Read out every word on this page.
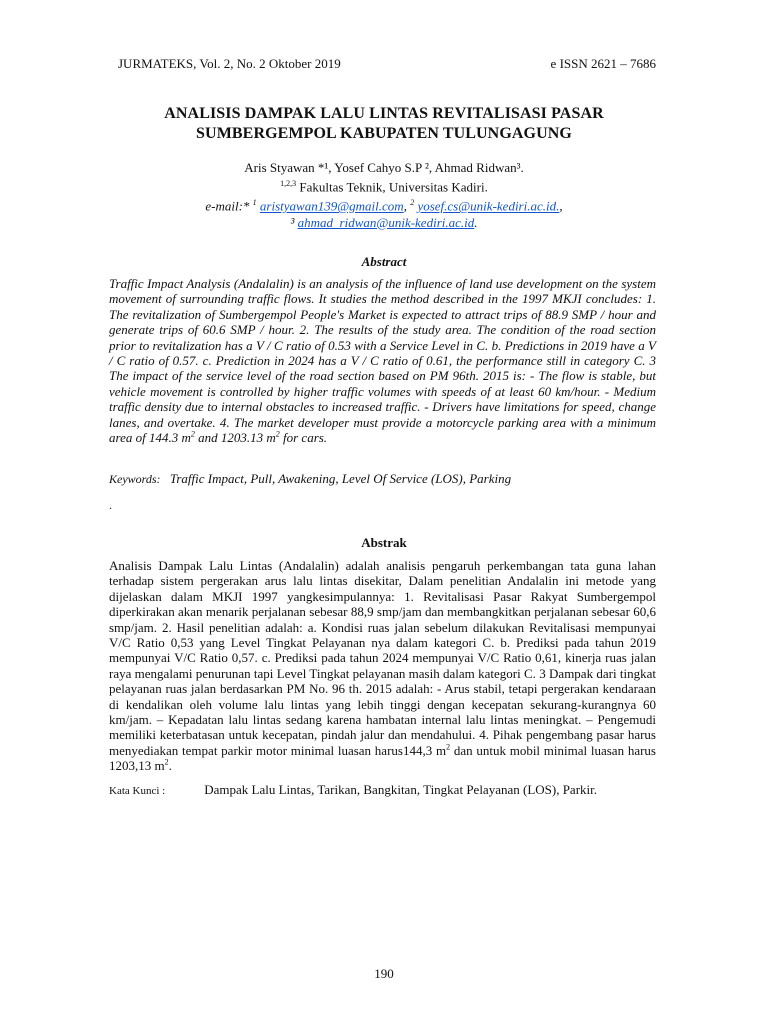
JURMATEKS, Vol. 2, No. 2 Oktober 2019	e ISSN 2621 – 7686
ANALISIS DAMPAK LALU LINTAS REVITALISASI PASAR
SUMBERGEMPOL KABUPATEN TULUNGAGUNG
Aris Styawan *¹, Yosef Cahyo S.P ², Ahmad Ridwan³.
$^{1,2,3}$ Fakultas Teknik, Universitas Kadiri.
e-mail:* $^1$ aristyawan139@gmail.com, $^2$ yosef.cs@unik-kediri.ac.id.,
³ ahmad_ridwan@unik-kediri.ac.id.
Abstract
Traffic Impact Analysis (Andalalin) is an analysis of the influence of land use development on the system movement of surrounding traffic flows. It studies the method described in the 1997 MKJI concludes: 1. The revitalization of Sumbergempol People's Market is expected to attract trips of 88.9 SMP / hour and generate trips of 60.6 SMP / hour. 2. The results of the study area. The condition of the road section prior to revitalization has a V / C ratio of 0.53 with a Service Level in C. b. Predictions in 2019 have a V / C ratio of 0.57. c. Prediction in 2024 has a V / C ratio of 0.61, the performance still in category C. 3 The impact of the service level of the road section based on PM 96th. 2015 is: - The flow is stable, but vehicle movement is controlled by higher traffic volumes with speeds of at least 60 km/hour. - Medium traffic density due to internal obstacles to increased traffic. - Drivers have limitations for speed, change lanes, and overtake. 4. The market developer must provide a motorcycle parking area with a minimum area of 144.3 $m^2$ and 1203.13 $m^2$ for cars.
Keywords: Traffic Impact, Pull, Awakening, Level Of Service (LOS), Parking
.
Abstrak
Analisis Dampak Lalu Lintas (Andalalin) adalah analisis pengaruh perkembangan tata guna lahan terhadap sistem pergerakan arus lalu lintas disekitar, Dalam penelitian Andalalin ini metode yang dijelaskan dalam MKJI 1997 yangkesimpulannya: 1. Revitalisasi Pasar Rakyat Sumbergempol diperkirakan akan menarik perjalanan sebesar 88,9 smp/jam dan membangkitkan perjalanan sebesar 60,6 smp/jam. 2. Hasil penelitian adalah: a. Kondisi ruas jalan sebelum dilakukan Revitalisasi mempunyai V/C Ratio 0,53 yang Level Tingkat Pelayanan nya dalam kategori C. b. Prediksi pada tahun 2019 mempunyai V/C Ratio 0,57. c. Prediksi pada tahun 2024 mempunyai V/C Ratio 0,61, kinerja ruas jalan raya mengalami penurunan tapi Level Tingkat pelayanan masih dalam kategori C. 3 Dampak dari tingkat pelayanan ruas jalan berdasarkan PM No. 96 th. 2015 adalah: - Arus stabil, tetapi pergerakan kendaraan di kendalikan oleh volume lalu lintas yang lebih tinggi dengan kecepatan sekurang-kurangnya 60 km/jam. – Kepadatan lalu lintas sedang karena hambatan internal lalu lintas meningkat. – Pengemudi memiliki keterbatasan untuk kecepatan, pindah jalur dan mendahului. 4. Pihak pengembang pasar harus menyediakan tempat parkir motor minimal luasan harus144,3 $m^2$ dan untuk mobil minimal luasan harus 1203,13 $m^2$.
Kata Kunci :	Dampak Lalu Lintas, Tarikan, Bangkitan, Tingkat Pelayanan (LOS), Parkir.
190
